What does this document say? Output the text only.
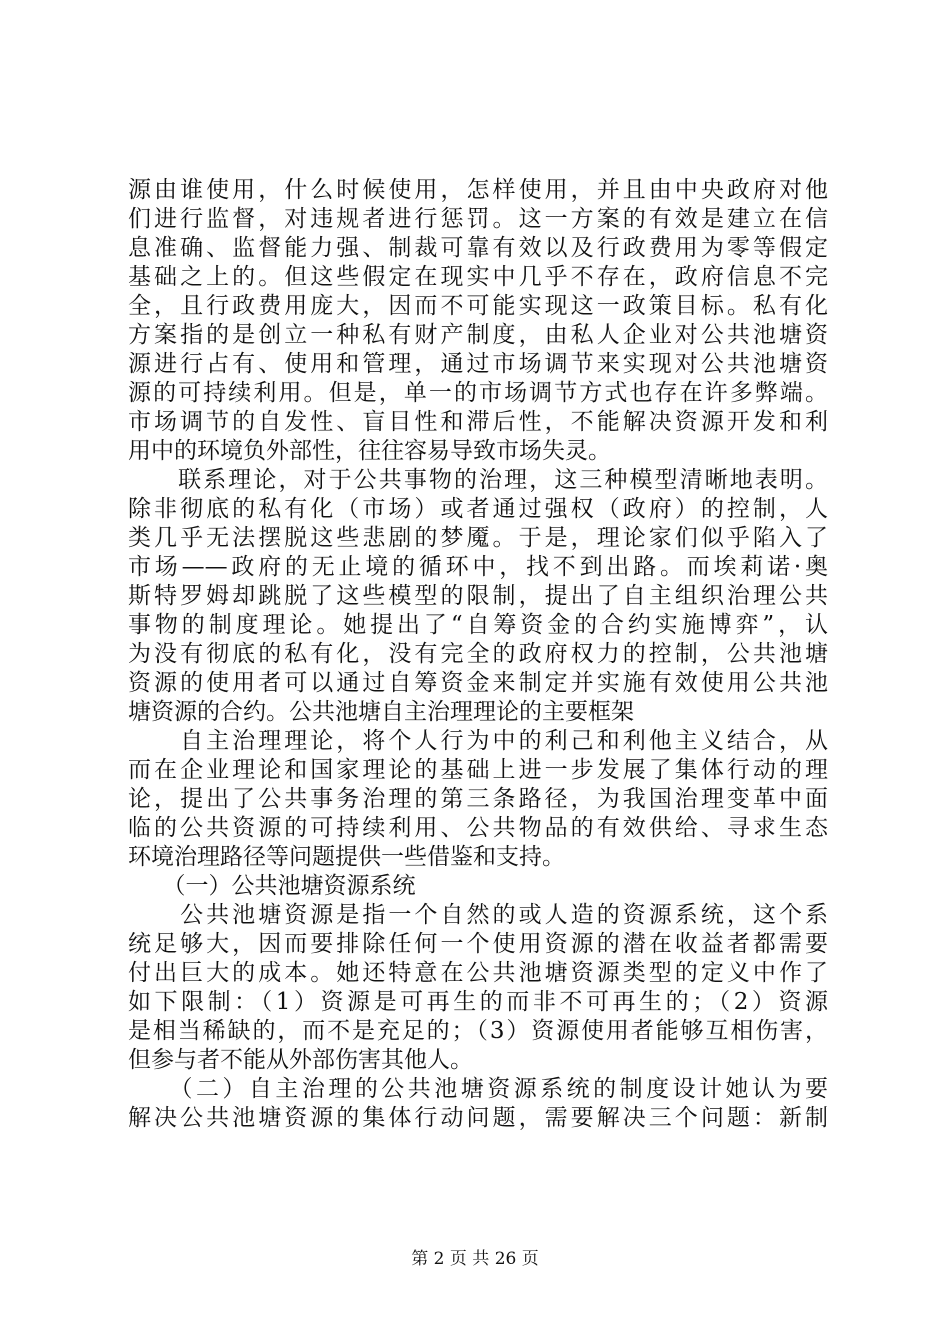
源由谁使用，什么时候使用，怎样使用，并且由中央政府对他
们进行监督，对违规者进行惩罚。这一方案的有效是建立在信
息准确、监督能力强、制裁可靠有效以及行政费用为零等假定
基础之上的。但这些假定在现实中几乎不存在，政府信息不完
全，且行政费用庞大，因而不可能实现这一政策目标。私有化
方案指的是创立一种私有财产制度，由私人企业对公共池塘资
源进行占有、使用和管理，通过市场调节来实现对公共池塘资
源的可持续利用。但是，单一的市场调节方式也存在许多弊端。
市场调节的自发性、盲目性和滞后性，不能解决资源开发和利
用中的环境负外部性，往往容易导致市场失灵。
　　联系理论，对于公共事物的治理，这三种模型清晰地表明。
除非彻底的私有化（市场）或者通过强权（政府）的控制，人
类几乎无法摆脱这些悲剧的梦魇。于是，理论家们似乎陷入了
市场——政府的无止境的循环中，找不到出路。而埃莉诺·奥
斯特罗姆却跳脱了这些模型的限制，提出了自主组织治理公共
事物的制度理论。她提出了“自筹资金的合约实施博弈”，认
为没有彻底的私有化，没有完全的政府权力的控制，公共池塘
资源的使用者可以通过自筹资金来制定并实施有效使用公共池
塘资源的合约。公共池塘自主治理理论的主要框架
　　自主治理理论，将个人行为中的利己和利他主义结合，从
而在企业理论和国家理论的基础上进一步发展了集体行动的理
论，提出了公共事务治理的第三条路径，为我国治理变革中面
临的公共资源的可持续利用、公共物品的有效供给、寻求生态
环境治理路径等问题提供一些借鉴和支持。
　　（一）公共池塘资源系统
　　公共池塘资源是指一个自然的或人造的资源系统，这个系
统足够大，因而要排除任何一个使用资源的潜在收益者都需要
付出巨大的成本。她还特意在公共池塘资源类型的定义中作了
如下限制：（1）资源是可再生的而非不可再生的；（2）资源
是相当稀缺的，而不是充足的；（3）资源使用者能够互相伤害，
但参与者不能从外部伤害其他人。
　　（二）自主治理的公共池塘资源系统的制度设计她认为要
解决公共池塘资源的集体行动问题，需要解决三个问题：新制
第 2 页 共 26 页
